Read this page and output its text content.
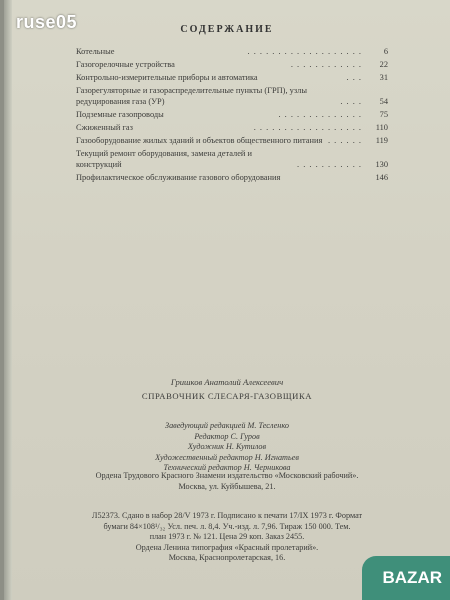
СОДЕРЖАНИЕ
Котельные	. . . . . . . . . . . . . . . . . . .	6
Газогорелочные устройства	. . . . . . . . . . . .	22
Контрольно-измерительные приборы и автоматика	. . .	31
Газорегуляторные и газораспределительные пункты (ГРП), узлы редуцирования газа (УР)	. . . .	54
Подземные газопроводы	. . . . . . . . . . . . . .	75
Сжиженный газ	. . . . . . . . . . . . . . . . . .	110
Газооборудование жилых зданий и объектов общественного питания . . . . . .	119
Текущий ремонт оборудования, замена деталей и конструкций	. . . . . . . . . . .	130
Профилактическое обслуживание газового оборудования	146
Гришков Анатолий Алексеевич
СПРАВОЧНИК СЛЕСАРЯ-ГАЗОВЩИКА
Заведующий редакцией М. Тесленко
Редактор С. Гуров
Художник Н. Кутилов
Художественный редактор Н. Игнатьев
Технический редактор Н. Черникова
Ордена Трудового Красного Знамени издательство «Московский рабочий».
Москва, ул. Куйбышева, 21.
Л52373. Сдано в набор 28/V 1973 г. Подписано к печати 17/IX 1973 г. Формат
бумаги 84×108¹/₃₂ Усл. печ. л. 8,4. Уч.-изд. л. 7,96. Тираж 150 000. Тем.
план 1973 г. № 121. Цена 29 коп. Заказ 2455.
Ордена Ленина типография «Красный пролетарий».
Москва, Краснопролетарская, 16.
ruse05
BAZAR
